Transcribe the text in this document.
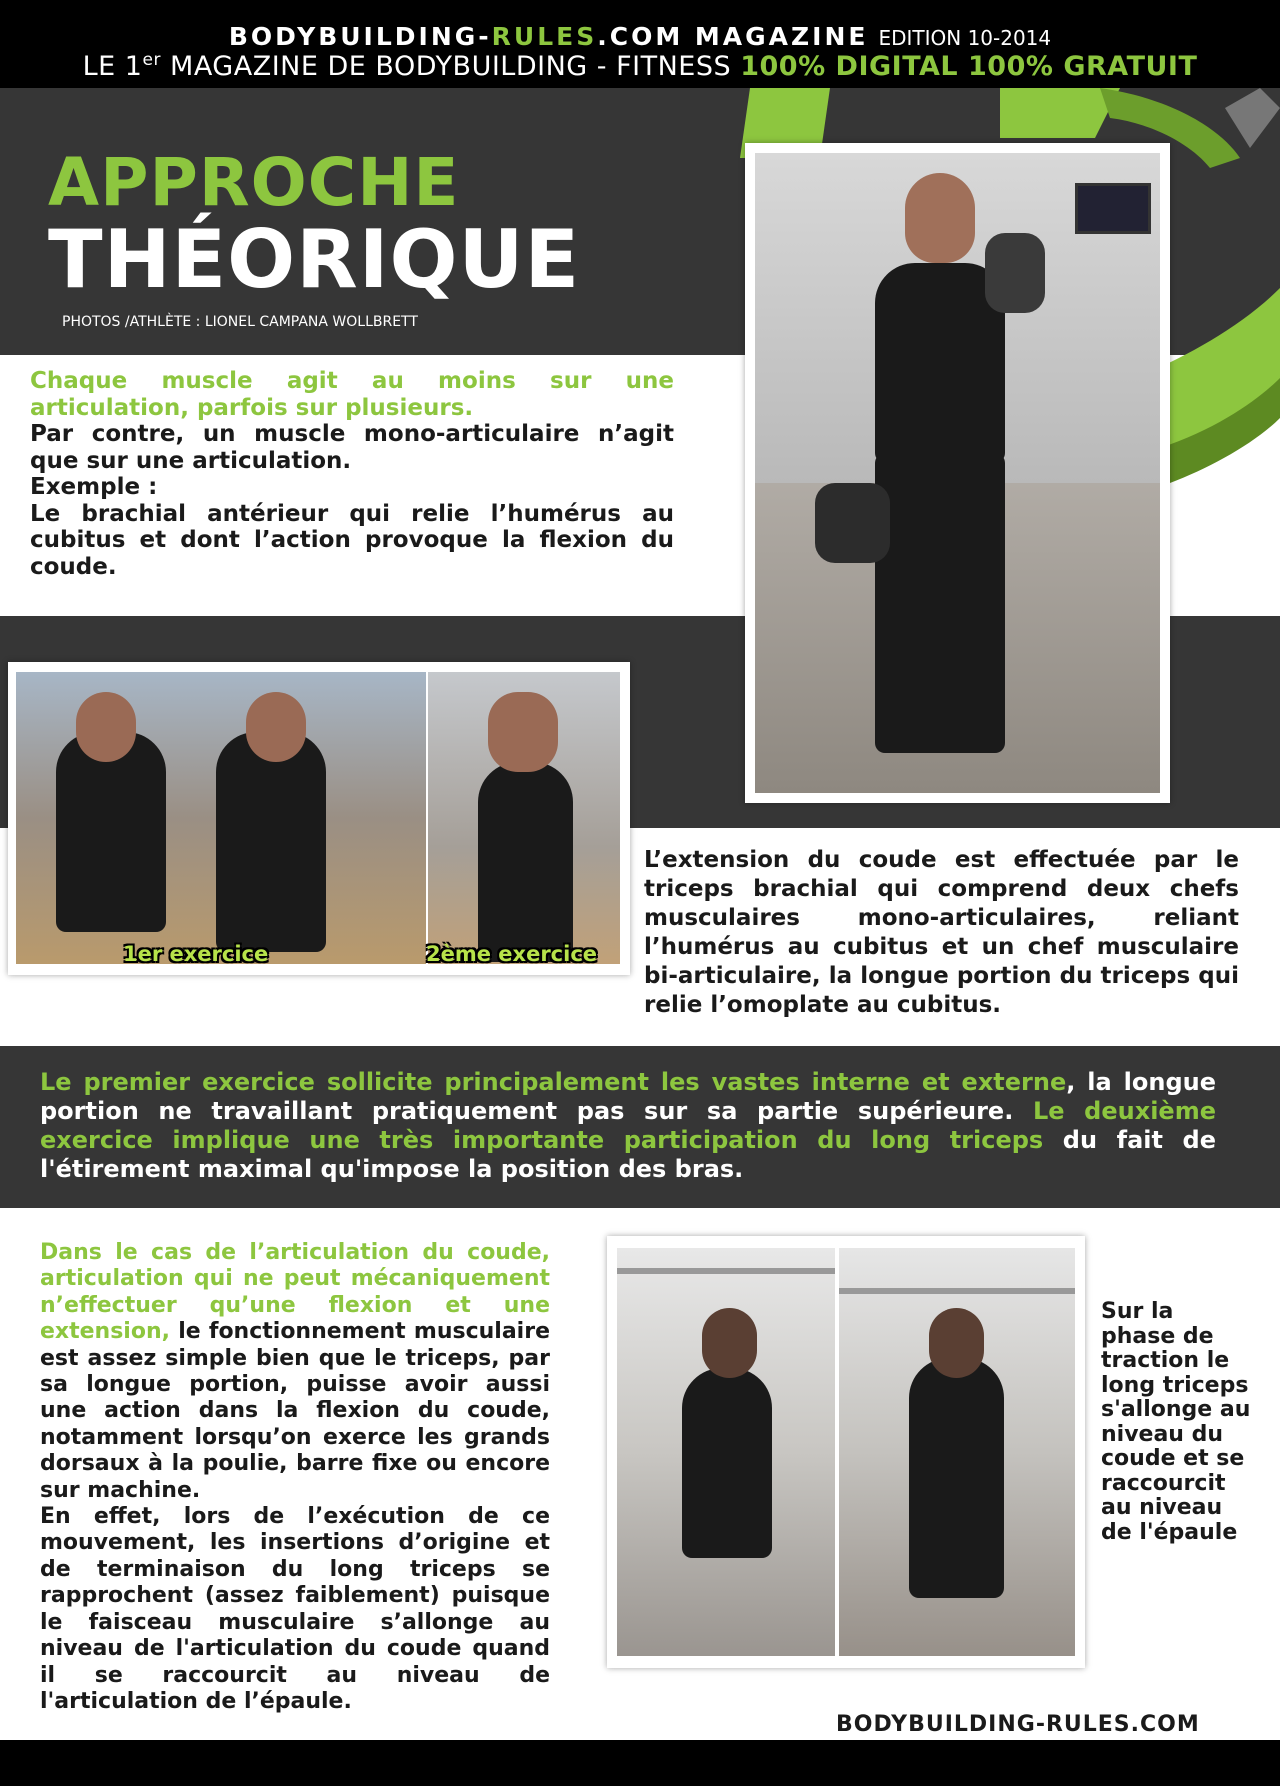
BODYBUILDING-RULES.COM MAGAZINE EDITION 10-2014
LE 1er MAGAZINE DE BODYBUILDING - FITNESS 100% DIGITAL 100% GRATUIT
APPROCHE
THÉORIQUE
PHOTOS /ATHLÈTE : LIONEL CAMPANA WOLLBRETT
Chaque muscle agit au moins sur une articulation, parfois sur plusieurs.
Par contre, un muscle mono-articulaire n’agit que sur une articulation.
Exemple :
Le brachial antérieur qui relie l’humérus au cubitus et dont l’action provoque la flexion du coude.
1er exercice	2ème exercice
L’extension du coude est effectuée par le triceps brachial qui comprend deux chefs musculaires mono-articulaires, reliant l’humérus au cubitus et un chef musculaire bi-articulaire, la longue portion du triceps qui relie l’omoplate au cubitus.
Le premier exercice sollicite principalement les vastes interne et externe, la longue portion ne travaillant pratiquement pas sur sa partie supérieure. Le deuxième exercice implique une très importante participation du long triceps du fait de l'étirement maximal qu'impose la position des bras.
Dans le cas de l’articulation du coude, articulation qui ne peut mécaniquement n’effectuer qu’une flexion et une extension, le fonctionnement musculaire est assez simple bien que le triceps, par sa longue portion, puisse avoir aussi une action dans la flexion du coude, notamment lorsqu’on exerce les grands dorsaux à la poulie, barre fixe ou encore sur machine.
En effet, lors de l’exécution de ce mouvement, les insertions d’origine et de terminaison du long triceps se rapprochent (assez faiblement) puisque le faisceau musculaire s’allonge au niveau de l'articulation du coude quand il se raccourcit au niveau de l'articulation de l’épaule.
Sur la phase de traction le long triceps s'allonge au niveau du coude et se raccourcit au niveau de l'épaule
BODYBUILDING-RULES.COM
